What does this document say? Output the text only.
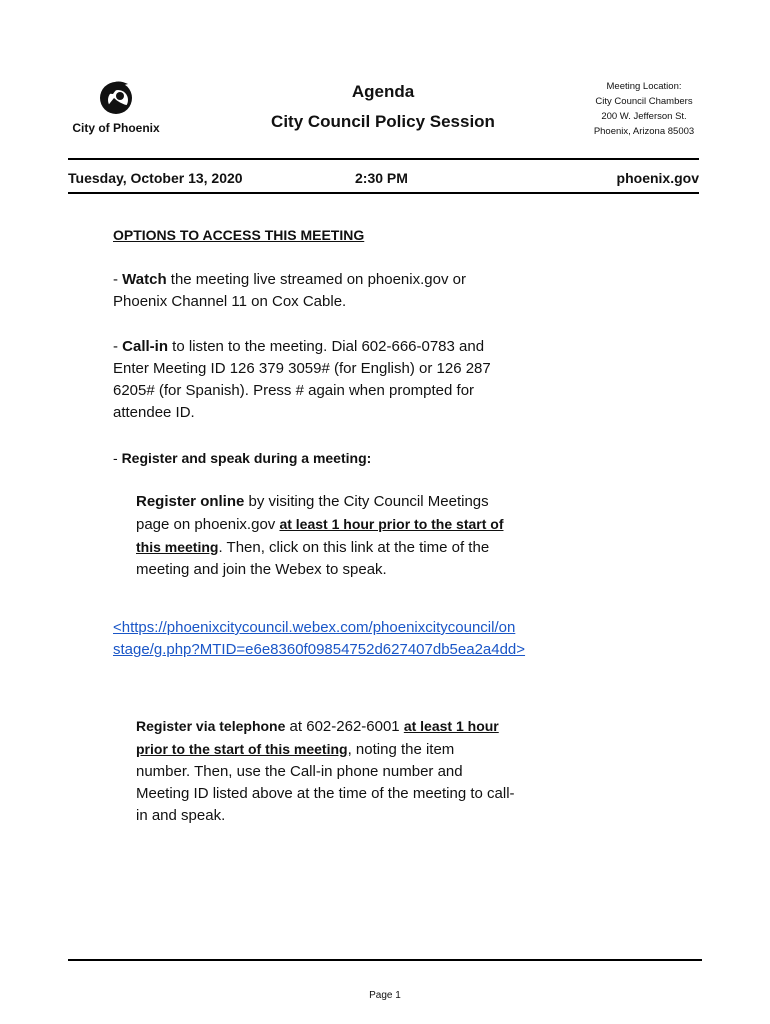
City of Phoenix
Agenda
City Council Policy Session
Meeting Location:
City Council Chambers
200 W. Jefferson St.
Phoenix, Arizona 85003
Tuesday, October 13, 2020	2:30 PM	phoenix.gov
OPTIONS TO ACCESS THIS MEETING
- Watch the meeting live streamed on phoenix.gov or Phoenix Channel 11 on Cox Cable.
- Call-in to listen to the meeting. Dial 602-666-0783 and
Enter Meeting ID 126 379 3059# (for English) or 126 287
6205# (for Spanish). Press # again when prompted for
attendee ID.
- Register and speak during a meeting:
Register online by visiting the City Council Meetings
page on phoenix.gov at least 1 hour prior to the start of
this meeting. Then, click on this link at the time of the
meeting and join the Webex to speak.
<https://phoenixcitycouncil.webex.com/phoenixcitycouncil/on
stage/g.php?MTID=e6e8360f09854752d627407db5ea2a4dd>
Register via telephone at 602-262-6001 at least 1 hour
prior to the start of this meeting, noting the item
number. Then, use the Call-in phone number and
Meeting ID listed above at the time of the meeting to call-
in and speak.
Page 1
